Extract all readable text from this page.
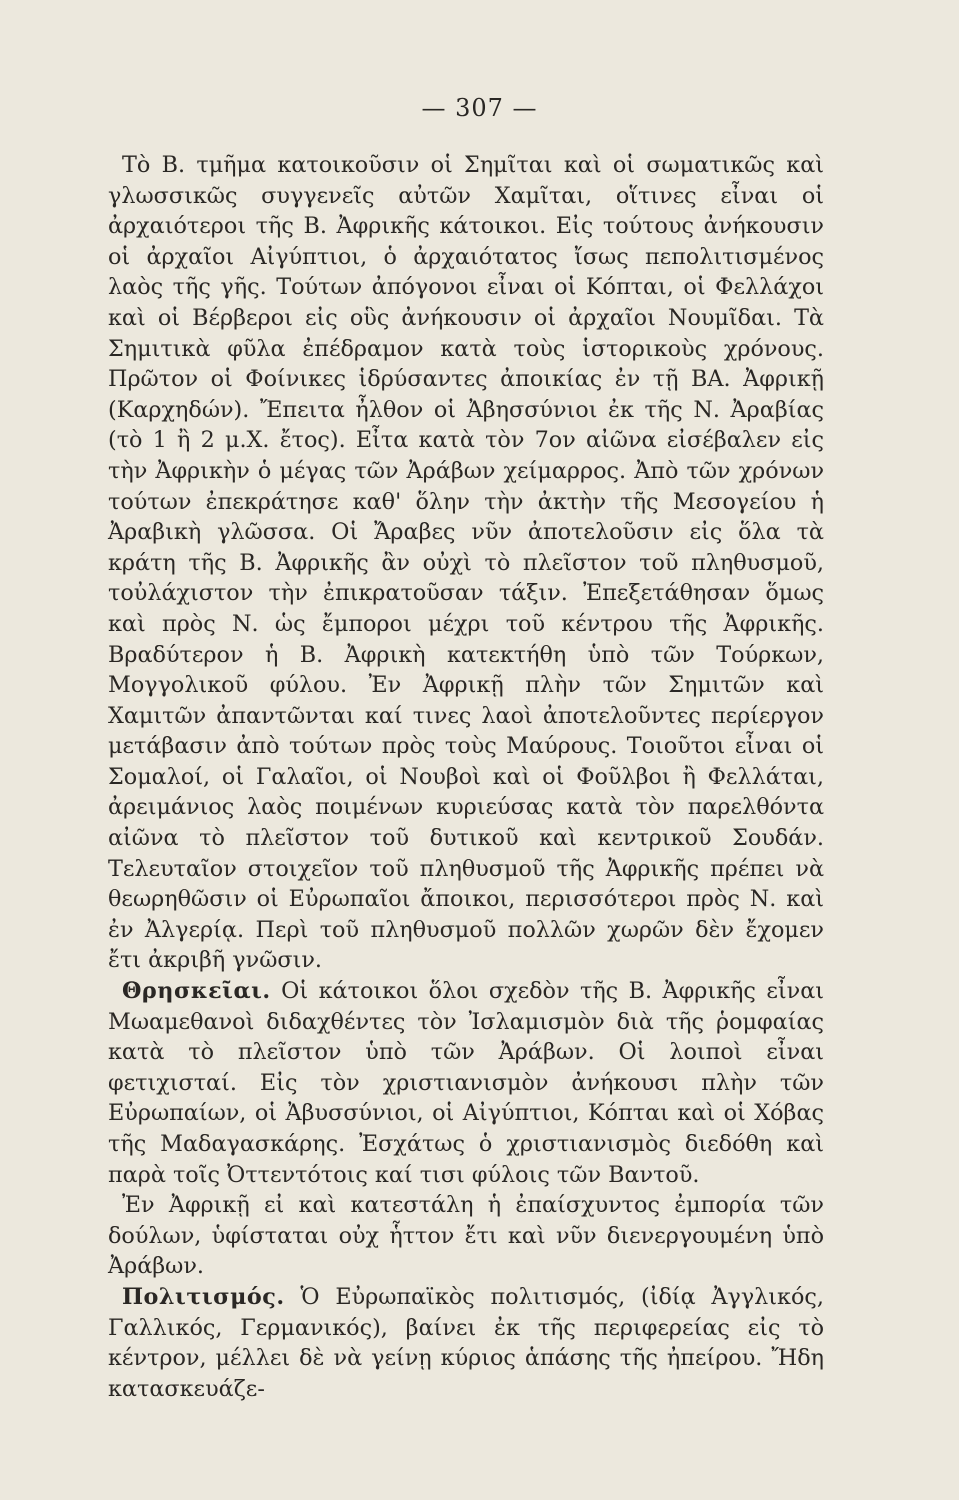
— 307 —

Τὸ Β. τμῆμα κατοικοῦσιν οἱ Σημῖται καὶ οἱ σωματικῶς καὶ γλωσσικῶς συγγενεῖς αὐτῶν Χαμῖται, οἵτινες εἶναι οἱ ἀρχαιότεροι τῆς Β. Ἀφρικῆς κάτοικοι. Εἰς τούτους ἀνήκουσιν οἱ ἀρχαῖοι Αἰγύπτιοι, ὁ ἀρχαιότατος ἴσως πεπολιτισμένος λαὸς τῆς γῆς. Τούτων ἀπόγονοι εἶναι οἱ Κόπται, οἱ Φελλάχοι καὶ οἱ Βέρβεροι εἰς οὓς ἀνήκουσιν οἱ ἀρχαῖοι Νουμῖδαι. Τὰ Σημιτικὰ φῦλα ἐπέδραμον κατὰ τοὺς ἱστορικοὺς χρόνους. Πρῶτον οἱ Φοίνικες ἱδρύσαντες ἀποικίας ἐν τῇ ΒΑ. Ἀφρικῇ (Καρχηδών). Ἔπειτα ἦλθον οἱ Ἀβησσύνιοι ἐκ τῆς Ν. Ἀραβίας (τὸ 1 ἢ 2 μ.Χ. ἔτος). Εἶτα κατὰ τὸν 7ον αἰῶνα εἰσέβαλεν εἰς τὴν Ἀφρικὴν ὁ μέγας τῶν Ἀράβων χείμαρρος. Ἀπὸ τῶν χρόνων τούτων ἐπεκράτησε καθ' ὅλην τὴν ἀκτὴν τῆς Μεσογείου ἡ Ἀραβικὴ γλῶσσα. Οἱ Ἄραβες νῦν ἀποτελοῦσιν εἰς ὅλα τὰ κράτη τῆς Β. Ἀφρικῆς ἂν οὐχὶ τὸ πλεῖστον τοῦ πληθυσμοῦ, τοὐλάχιστον τὴν ἐπικρατοῦσαν τάξιν. Ἐπεξετάθησαν ὅμως καὶ πρὸς Ν. ὡς ἔμποροι μέχρι τοῦ κέντρου τῆς Ἀφρικῆς. Βραδύτερον ἡ Β. Ἀφρικὴ κατεκτήθη ὑπὸ τῶν Τούρκων, Μογγολικοῦ φύλου. Ἐν Ἀφρικῇ πλὴν τῶν Σημιτῶν καὶ Χαμιτῶν ἀπαντῶνται καί τινες λαοὶ ἀποτελοῦντες περίεργον μετάβασιν ἀπὸ τούτων πρὸς τοὺς Μαύρους. Τοιοῦτοι εἶναι οἱ Σομαλοί, οἱ Γαλαῖοι, οἱ Νουβοὶ καὶ οἱ Φοῦλβοι ἢ Φελλάται, ἀρειμάνιος λαὸς ποιμένων κυριεύσας κατὰ τὸν παρελθόντα αἰῶνα τὸ πλεῖστον τοῦ δυτικοῦ καὶ κεντρικοῦ Σουδάν. Τελευταῖον στοιχεῖον τοῦ πληθυσμοῦ τῆς Ἀφρικῆς πρέπει νὰ θεωρηθῶσιν οἱ Εὐρωπαῖοι ἄποικοι, περισσότεροι πρὸς Ν. καὶ ἐν Ἀλγερίᾳ. Περὶ τοῦ πληθυσμοῦ πολλῶν χωρῶν δὲν ἔχομεν ἔτι ἀκριβῆ γνῶσιν.

Θρησκεῖαι. Οἱ κάτοικοι ὅλοι σχεδὸν τῆς Β. Ἀφρικῆς εἶναι Μωαμεθανοὶ διδαχθέντες τὸν Ἰσλαμισμὸν διὰ τῆς ῥομφαίας κατὰ τὸ πλεῖστον ὑπὸ τῶν Ἀράβων. Οἱ λοιποὶ εἶναι φετιχισταί. Εἰς τὸν χριστιανισμὸν ἀνήκουσι πλὴν τῶν Εὐρωπαίων, οἱ Ἀβυσσύνιοι, οἱ Αἰγύπτιοι, Κόπται καὶ οἱ Χόβας τῆς Μαδαγασκάρης. Ἐσχάτως ὁ χριστιανισμὸς διεδόθη καὶ παρὰ τοῖς Ὀττεντότοις καί τισι φύλοις τῶν Βαντοῦ.

Ἐν Ἀφρικῇ εἰ καὶ κατεστάλη ἡ ἐπαίσχυντος ἐμπορία τῶν δούλων, ὑφίσταται οὐχ ἧττον ἔτι καὶ νῦν διενεργουμένη ὑπὸ Ἀράβων.

Πολιτισμός. Ὁ Εὐρωπαϊκὸς πολιτισμός, (ἰδίᾳ Ἀγγλικός, Γαλλικός, Γερμανικός), βαίνει ἐκ τῆς περιφερείας εἰς τὸ κέντρον, μέλλει δὲ νὰ γείνῃ κύριος ἁπάσης τῆς ἠπείρου. Ἤδη κατασκευάζε-
